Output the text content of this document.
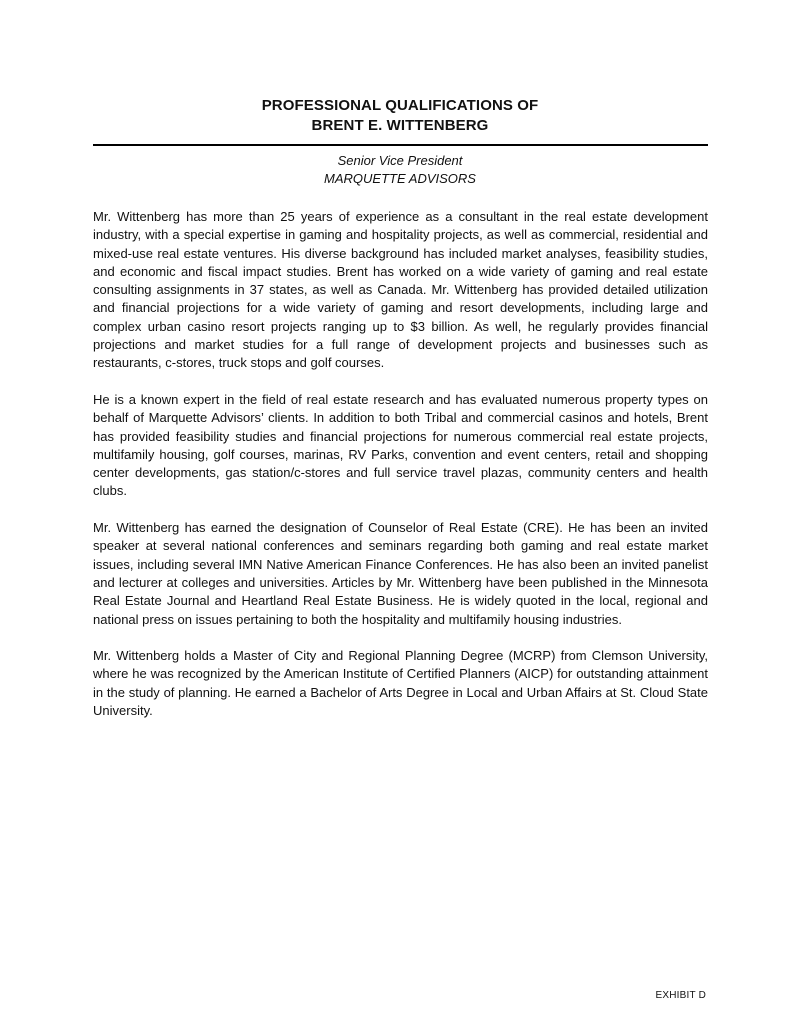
PROFESSIONAL QUALIFICATIONS OF
BRENT E. WITTENBERG
Senior Vice President
MARQUETTE ADVISORS

Mr. Wittenberg has more than 25 years of experience as a consultant in the real estate development industry, with a special expertise in gaming and hospitality projects, as well as commercial, residential and mixed-use real estate ventures. His diverse background has included market analyses, feasibility studies, and economic and fiscal impact studies. Brent has worked on a wide variety of gaming and real estate consulting assignments in 37 states, as well as Canada. Mr. Wittenberg has provided detailed utilization and financial projections for a wide variety of gaming and resort developments, including large and complex urban casino resort projects ranging up to $3 billion. As well, he regularly provides financial projections and market studies for a full range of development projects and businesses such as restaurants, c-stores, truck stops and golf courses.

He is a known expert in the field of real estate research and has evaluated numerous property types on behalf of Marquette Advisors’ clients. In addition to both Tribal and commercial casinos and hotels, Brent has provided feasibility studies and financial projections for numerous commercial real estate projects, multifamily housing, golf courses, marinas, RV Parks, convention and event centers, retail and shopping center developments, gas station/c-stores and full service travel plazas, community centers and health clubs.

Mr. Wittenberg has earned the designation of Counselor of Real Estate (CRE). He has been an invited speaker at several national conferences and seminars regarding both gaming and real estate market issues, including several IMN Native American Finance Conferences. He has also been an invited panelist and lecturer at colleges and universities. Articles by Mr. Wittenberg have been published in the Minnesota Real Estate Journal and Heartland Real Estate Business. He is widely quoted in the local, regional and national press on issues pertaining to both the hospitality and multifamily housing industries.

Mr. Wittenberg holds a Master of City and Regional Planning Degree (MCRP) from Clemson University, where he was recognized by the American Institute of Certified Planners (AICP) for outstanding attainment in the study of planning. He earned a Bachelor of Arts Degree in Local and Urban Affairs at St. Cloud State University.

EXHIBIT D
